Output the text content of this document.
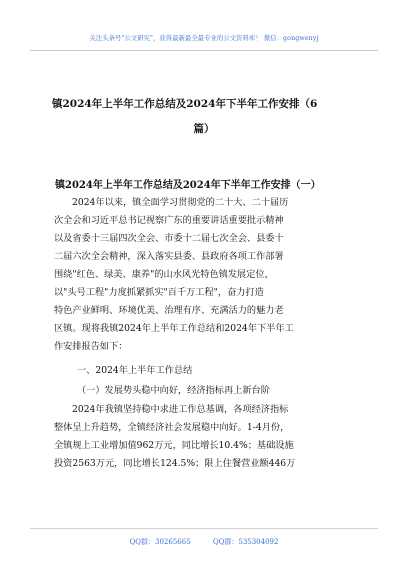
关注头条号"公文研究"，获得最新最全最专业的公文资料库！ 微信：gongwenyj
镇2024年上半年工作总结及2024年下半年工作安排（6
篇）
镇2024年上半年工作总结及2024年下半年工作安排（一）
2024年以来，镇全面学习贯彻党的二十大、二十届历
次全会和习近平总书记视察广东的重要讲话重要批示精神
以及省委十三届四次全会、市委十二届七次全会、县委十
二届六次全会精神，深入落实县委、县政府各项工作部署
围绕"红色、绿美、康养"的山水风光特色镇发展定位，
以"头号工程"力度抓紧抓实"百千万工程"，奋力打造
特色产业鲜明、环境优美、治理有序、充满活力的魅力老
区镇。现将我镇2024年上半年工作总结和2024年下半年工
作安排报告如下：
一、2024年上半年工作总结
（一）发展势头稳中向好，经济指标再上新台阶
2024年我镇坚持稳中求进工作总基调，各项经济指标
整体呈上升趋势，全镇经济社会发展稳中向好。1-4月份，
全镇规上工业增加值962万元，同比增长10.4%；基础设施
投资2563万元，同比增长124.5%；限上住餐营业额446万
QQ群：30265665	QQ群：535304092
